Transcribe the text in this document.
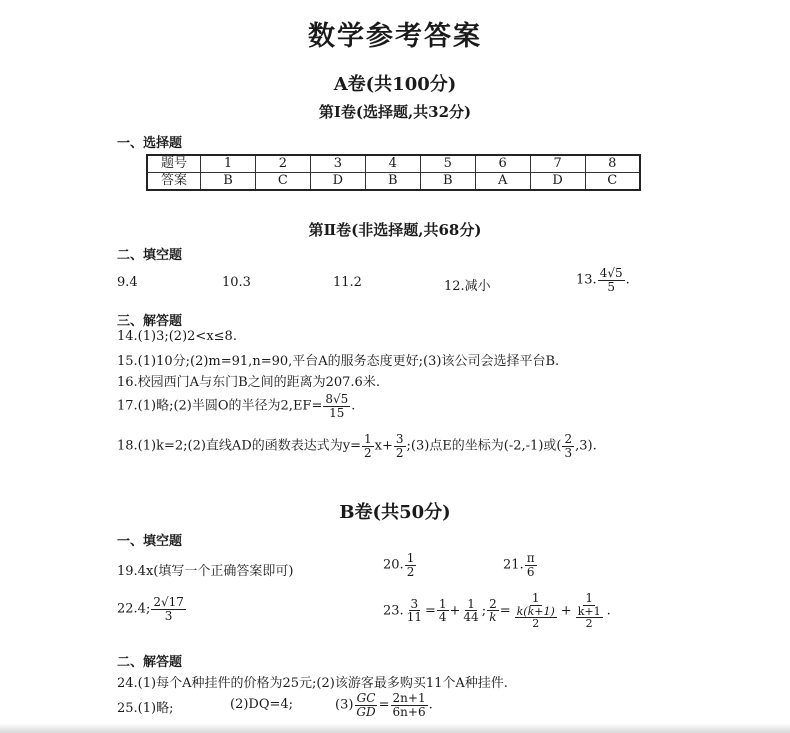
数学参考答案
A卷(共100分)
第Ⅰ卷(选择题,共32分)
一、选择题
题号	1	2	3	4	5	6	7	8
答案	B	C	D	B	B	A	D	C
第Ⅱ卷(非选择题,共68分)
二、填空题
9.4	10.3	11.2	12.减小	13. $\frac{4√5}{5}$ .
三、解答题
14.(1)3;(2)2<x≤8.
15.(1)10分;(2)m=91,n=90,平台A的服务态度更好;(3)该公司会选择平台B.
16.校园西门A与东门B之间的距离为207.6米.
17.(1)略;(2)半圆O的半径为$2,EF= \frac{8√5}{15}$ .
18.(1)k=2;(2)直线AD的函数表达式为$y= \frac{1}{2} x+ \frac{3}{2}$ ;(3)点E的坐标为(-2,-1)或( $\frac{2}{3} ,3$).
B卷(共50分)
一、填空题
19.4x(填写一个正确答案即可)	20. $\frac{1}{2}$	21. $\frac{\pi}{6}$
22.4; $\frac{2√17}{3}$	23. $\frac{3}{11} = \frac{1}{4} + \frac{1}{44}$ ; $\frac{2}{k} = \frac{1}{\frac{k(k+1)}{2}} + \frac{1}{\frac{k+1}{2}}$ .
二、解答题
24.(1)每个A种挂件的价格为25元;(2)该游客最多购买11个A种挂件.
25.(1)略;	(2)DQ=4;	$(3) \frac{GC}{GD} = \frac{2n+1}{6n+6}$ .
